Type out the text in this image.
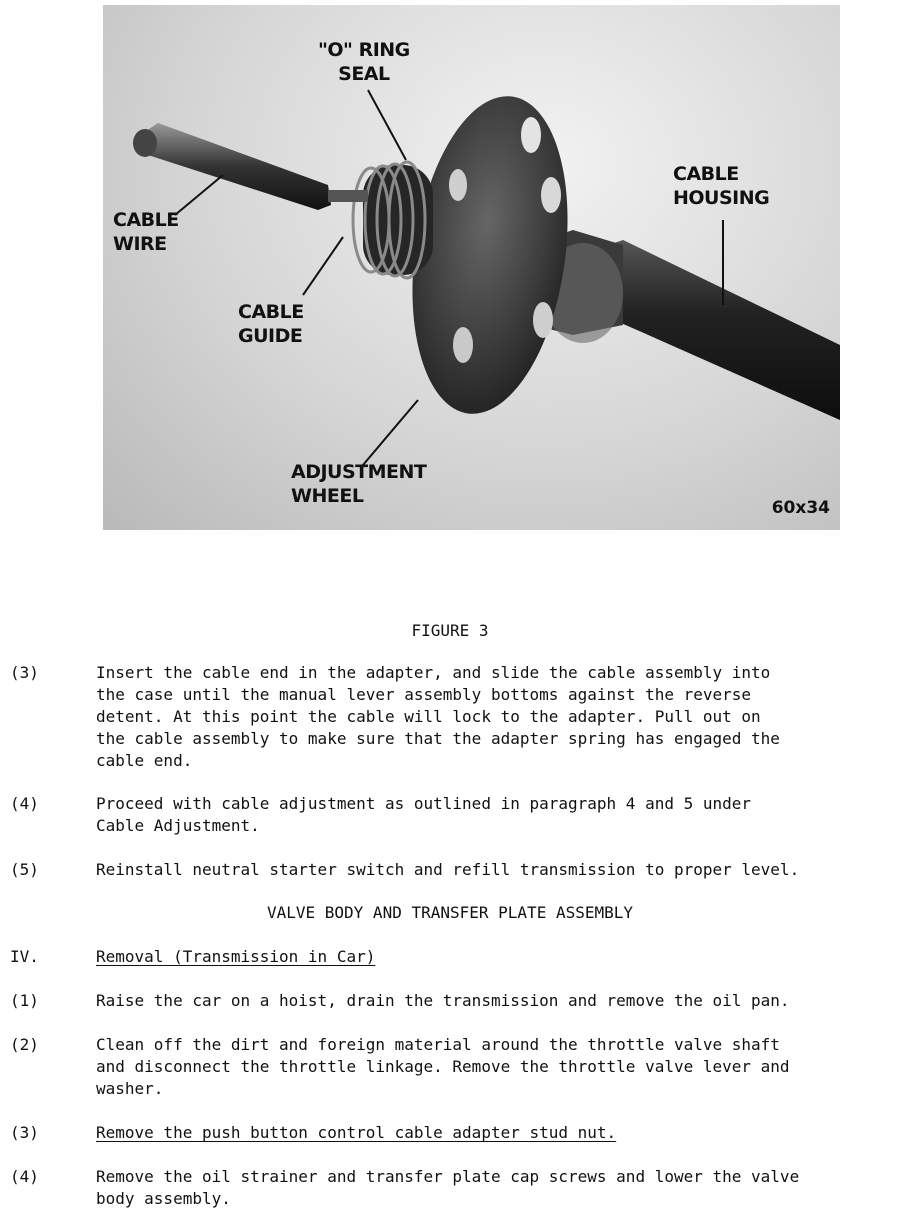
"O" RING
SEAL
CABLE
HOUSING
CABLE
WIRE
CABLE
GUIDE
ADJUSTMENT
WHEEL
60x34
FIGURE 3
(3)	Insert the cable end in the adapter, and slide the cable assembly into
the case until the manual lever assembly bottoms against the reverse
detent. At this point the cable will lock to the adapter. Pull out on
the cable assembly to make sure that the adapter spring has engaged the
cable end.
(4)	Proceed with cable adjustment as outlined in paragraph 4 and 5 under
Cable Adjustment.
(5)	Reinstall neutral starter switch and refill transmission to proper level.
VALVE BODY AND TRANSFER PLATE ASSEMBLY
IV.	Removal (Transmission in Car)
(1)	Raise the car on a hoist, drain the transmission and remove the oil pan.
(2)	Clean off the dirt and foreign material around the throttle valve shaft
and disconnect the throttle linkage. Remove the throttle valve lever and
washer.
(3)	Remove the push button control cable adapter stud nut.
(4)	Remove the oil strainer and transfer plate cap screws and lower the valve
body assembly.
